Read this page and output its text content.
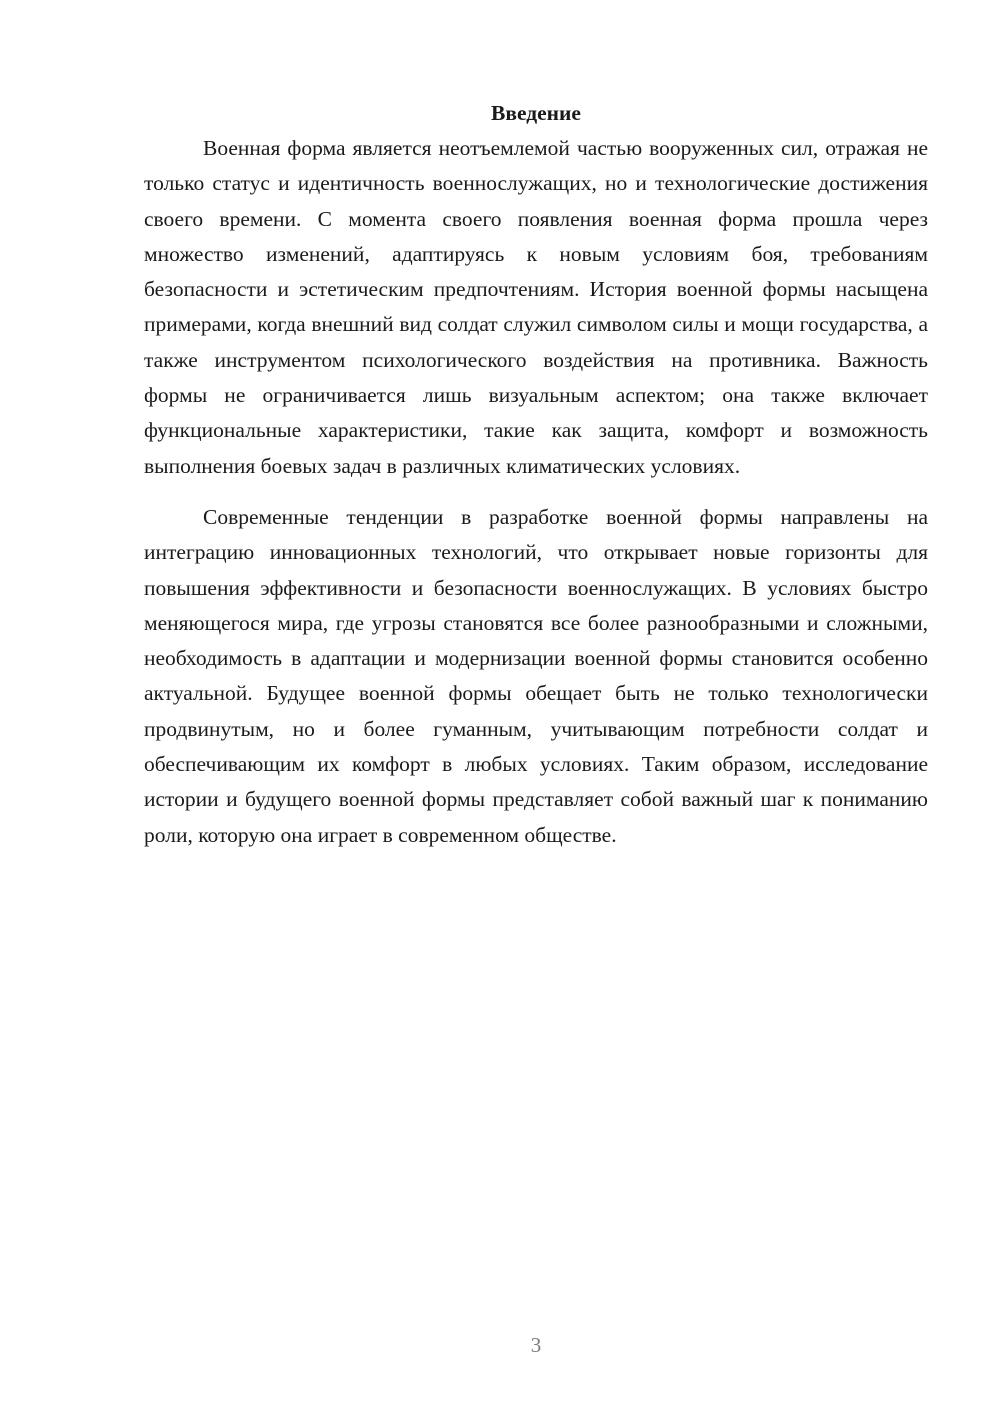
Введение

Военная форма является неотъемлемой частью вооруженных сил, отражая не только статус и идентичность военнослужащих, но и технологические достижения своего времени. С момента своего появления военная форма прошла через множество изменений, адаптируясь к новым условиям боя, требованиям безопасности и эстетическим предпочтениям. История военной формы насыщена примерами, когда внешний вид солдат служил символом силы и мощи государства, а также инструментом психологического воздействия на противника. Важность формы не ограничивается лишь визуальным аспектом; она также включает функциональные характеристики, такие как защита, комфорт и возможность выполнения боевых задач в различных климатических условиях.

Современные тенденции в разработке военной формы направлены на интеграцию инновационных технологий, что открывает новые горизонты для повышения эффективности и безопасности военнослужащих. В условиях быстро меняющегося мира, где угрозы становятся все более разнообразными и сложными, необходимость в адаптации и модернизации военной формы становится особенно актуальной. Будущее военной формы обещает быть не только технологически продвинутым, но и более гуманным, учитывающим потребности солдат и обеспечивающим их комфорт в любых условиях. Таким образом, исследование истории и будущего военной формы представляет собой важный шаг к пониманию роли, которую она играет в современном обществе.

3
